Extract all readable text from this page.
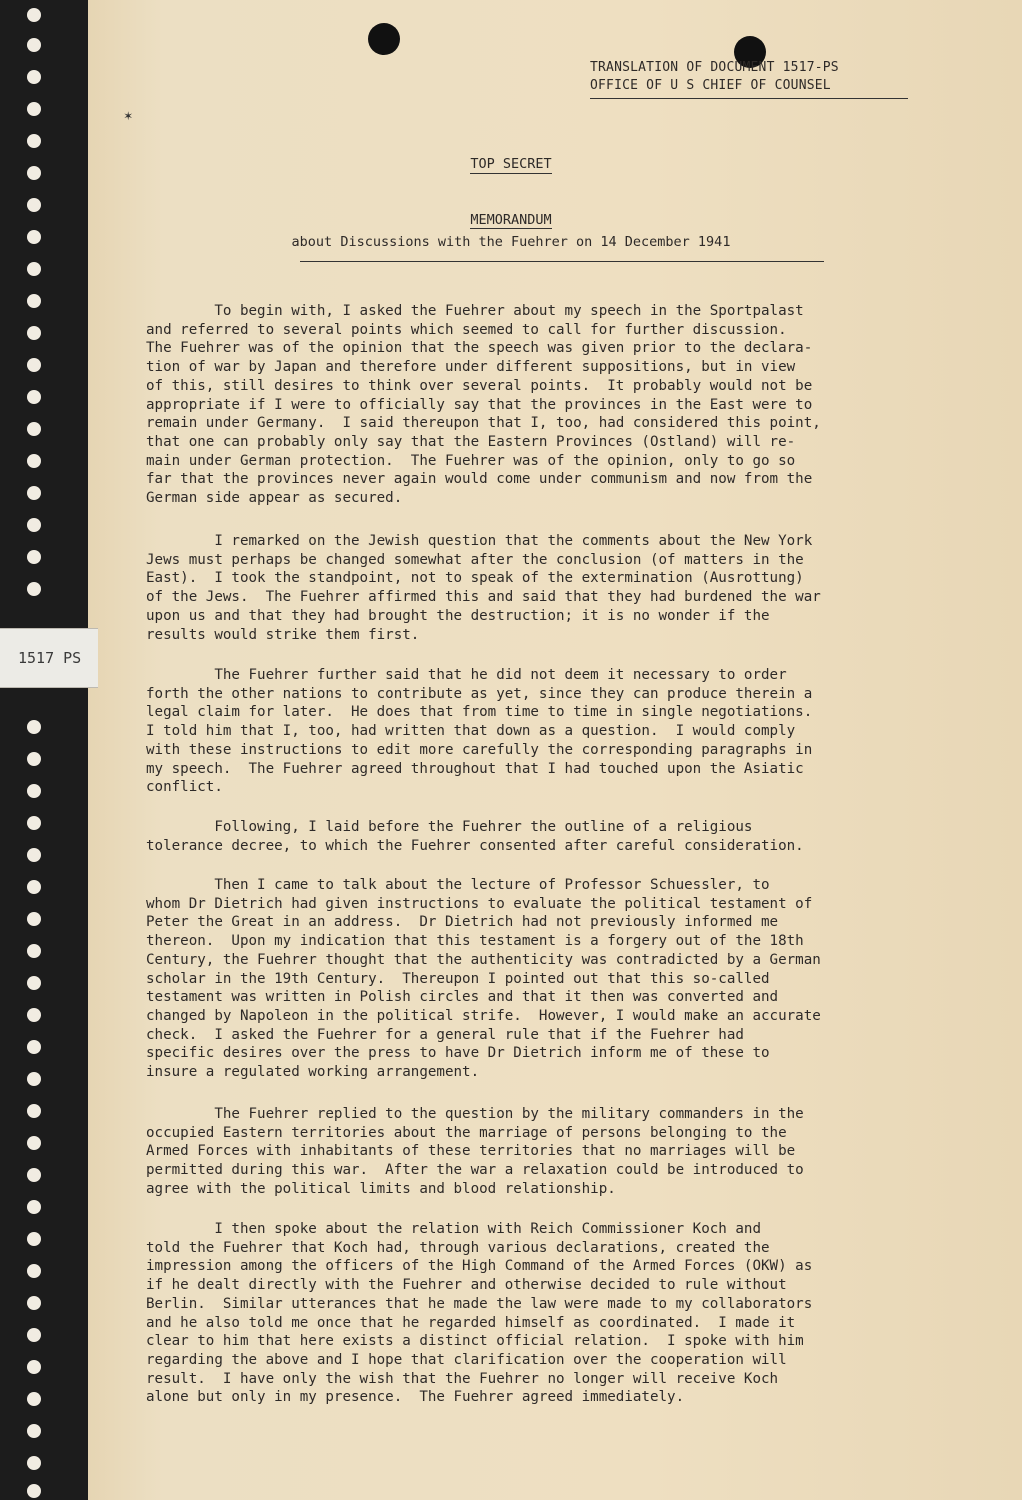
1517 PS
✶
TRANSLATION OF DOCUMENT 1517-PS
OFFICE OF U S CHIEF OF COUNSEL
TOP SECRET
MEMORANDUM
about Discussions with the Fuehrer on 14 December 1941

To begin with, I asked the Fuehrer about my speech in the Sportpalast
and referred to several points which seemed to call for further discussion.
The Fuehrer was of the opinion that the speech was given prior to the declara-
tion of war by Japan and therefore under different suppositions, but in view
of this, still desires to think over several points.  It probably would not be
appropriate if I were to officially say that the provinces in the East were to
remain under Germany.  I said thereupon that I, too, had considered this point,
that one can probably only say that the Eastern Provinces (Ostland) will re-
main under German protection.  The Fuehrer was of the opinion, only to go so
far that the provinces never again would come under communism and now from the
German side appear as secured.

I remarked on the Jewish question that the comments about the New York
Jews must perhaps be changed somewhat after the conclusion (of matters in the
East).  I took the standpoint, not to speak of the extermination (Ausrottung)
of the Jews.  The Fuehrer affirmed this and said that they had burdened the war
upon us and that they had brought the destruction; it is no wonder if the
results would strike them first.

The Fuehrer further said that he did not deem it necessary to order
forth the other nations to contribute as yet, since they can produce therein a
legal claim for later.  He does that from time to time in single negotiations.
I told him that I, too, had written that down as a question.  I would comply
with these instructions to edit more carefully the corresponding paragraphs in
my speech.  The Fuehrer agreed throughout that I had touched upon the Asiatic
conflict.

Following, I laid before the Fuehrer the outline of a religious
tolerance decree, to which the Fuehrer consented after careful consideration.

Then I came to talk about the lecture of Professor Schuessler, to
whom Dr Dietrich had given instructions to evaluate the political testament of
Peter the Great in an address.  Dr Dietrich had not previously informed me
thereon.  Upon my indication that this testament is a forgery out of the 18th
Century, the Fuehrer thought that the authenticity was contradicted by a German
scholar in the 19th Century.  Thereupon I pointed out that this so-called
testament was written in Polish circles and that it then was converted and
changed by Napoleon in the political strife.  However, I would make an accurate
check.  I asked the Fuehrer for a general rule that if the Fuehrer had
specific desires over the press to have Dr Dietrich inform me of these to
insure a regulated working arrangement.

The Fuehrer replied to the question by the military commanders in the
occupied Eastern territories about the marriage of persons belonging to the
Armed Forces with inhabitants of these territories that no marriages will be
permitted during this war.  After the war a relaxation could be introduced to
agree with the political limits and blood relationship.

I then spoke about the relation with Reich Commissioner Koch and
told the Fuehrer that Koch had, through various declarations, created the
impression among the officers of the High Command of the Armed Forces (OKW) as
if he dealt directly with the Fuehrer and otherwise decided to rule without
Berlin.  Similar utterances that he made the law were made to my collaborators
and he also told me once that he regarded himself as coordinated.  I made it
clear to him that here exists a distinct official relation.  I spoke with him
regarding the above and I hope that clarification over the cooperation will
result.  I have only the wish that the Fuehrer no longer will receive Koch
alone but only in my presence.  The Fuehrer agreed immediately.
